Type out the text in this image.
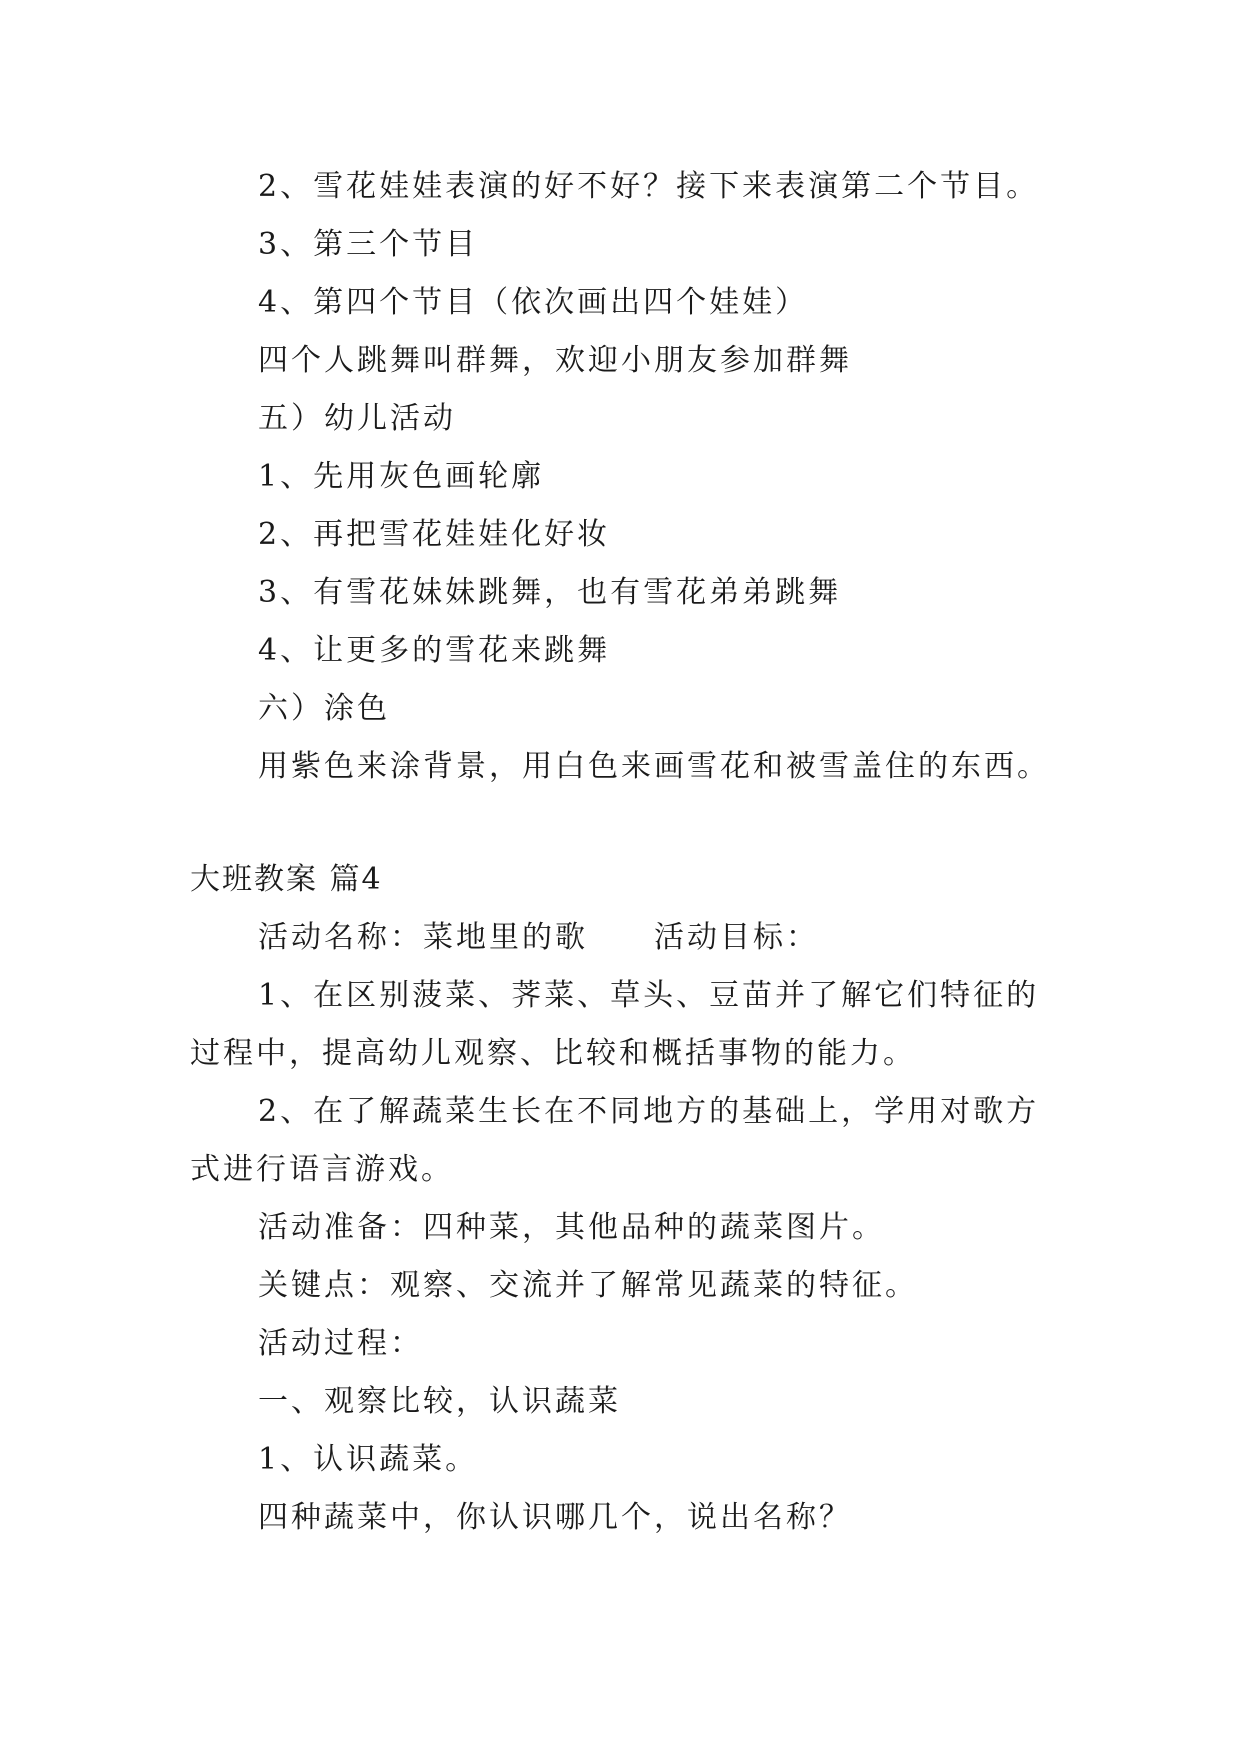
2、雪花娃娃表演的好不好？接下来表演第二个节目。
3、第三个节目
4、第四个节目（依次画出四个娃娃）
四个人跳舞叫群舞，欢迎小朋友参加群舞
五）幼儿活动
1、先用灰色画轮廓
2、再把雪花娃娃化好妆
3、有雪花妹妹跳舞，也有雪花弟弟跳舞
4、让更多的雪花来跳舞
六）涂色
用紫色来涂背景，用白色来画雪花和被雪盖住的东西。
大班教案 篇4
活动名称：菜地里的歌　　活动目标：
1、在区别菠菜、荠菜、草头、豆苗并了解它们特征的
过程中，提高幼儿观察、比较和概括事物的能力。
2、在了解蔬菜生长在不同地方的基础上，学用对歌方
式进行语言游戏。
活动准备：四种菜，其他品种的蔬菜图片。
关键点：观察、交流并了解常见蔬菜的特征。
活动过程：
一、观察比较，认识蔬菜
1、认识蔬菜。
四种蔬菜中，你认识哪几个，说出名称？
